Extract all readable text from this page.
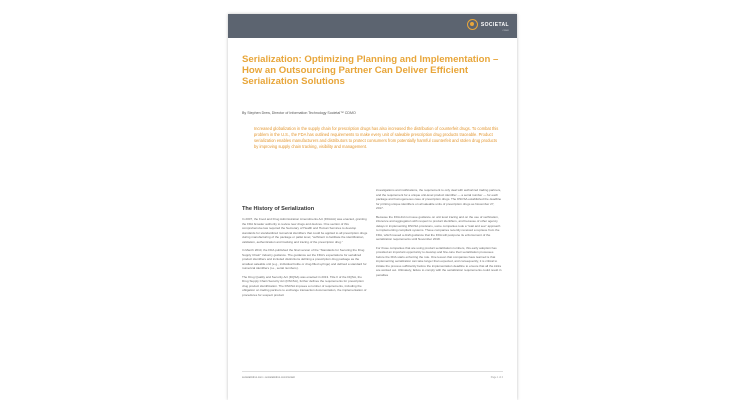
SOCIETAL
CDMO
Serialization: Optimizing Planning and Implementation – How an Outsourcing Partner Can Deliver Efficient Serialization Solutions
By Stephen Drew, Director of Information Technology Societal™ CDMO
Increased globalization in the supply chain for prescription drugs has also increased the distribution of counterfeit drugs. To combat this problem in the U.S., the FDA has outlined requirements to make every unit of saleable prescription drug products traceable. Product serialization enables manufacturers and distributors to protect consumers from potentially harmful counterfeit and stolen drug products by improving supply chain tracking, visibility and management.
The History of Serialization

In 2007, the Food and Drug Administration Amendments Act (FDAAA) was enacted, granting the FDA broader authority to review new drugs and devices. One section of this comprehensive law required the Secretary of Health and Human Services to develop standards for standardized numerical identifiers that could be applied to all prescription drugs during manufacturing of the package or pallet level, "sufficient to facilitate the identification, validation, authentication and tracking and tracing of the prescription drug."

In March 2010, the FDA published the final version of the "Standards for Securing the Drug Supply Chain" industry guidance. The guidance set the FDA's expectations for serialized product identifiers and included distinctions defining a prescription drug package as the smallest saleable unit (e.g., individual bottle or drug-filled syringe) and defined a standard for numerical identifiers (i.e., serial numbers).

The Drug Quality and Security Act (DQSA) was enacted in 2013. Title II of the DQSA, the Drug Supply Chain Security Act (DSCSA), further defines the requirements for prescription drug product identification. The DSCSA imposes a number of requirements, including the obligation on trading partners to exchange transaction documentation, the implementation of procedures for suspect product

investigations and notifications, the requirement to only deal with authorized trading partners, and the requirement for a unique unit-level product identifier — a serial number — for each package and homogeneous case of prescription drugs. The DSCSA established the deadline for printing unique identifiers on all saleable units of prescription drugs as November 27, 2017.

Because the FDA did not issue guidance on unit level tracing and on the use of verification, inference and aggregation with respect to product identifiers, and because of other agency delays in implementing DSCSA provisions, some companies took a "wait and see" approach to implementing compliant systems. These companies recently received a reprieve from the FDA, which issued a draft guidance that the FDA will postpone its enforcement of the serialization requirements until November 2018.

For those companies that are using product serialization numbers, this early adoption has provided an important opportunity to develop and fine-tune their serialization processes before the FDA starts enforcing the rule. One lesson that companies have learned is that implementing serialization can take longer than expected, and consequently, it is critical to initiate the process sufficiently before the implementation deadline to ensure that all the kinks are worked out. Ultimately, failure to comply with the serialization requirements could result in penalties

societalcdmo.com • societalcdmo.com/contact	Page 1 of 4
